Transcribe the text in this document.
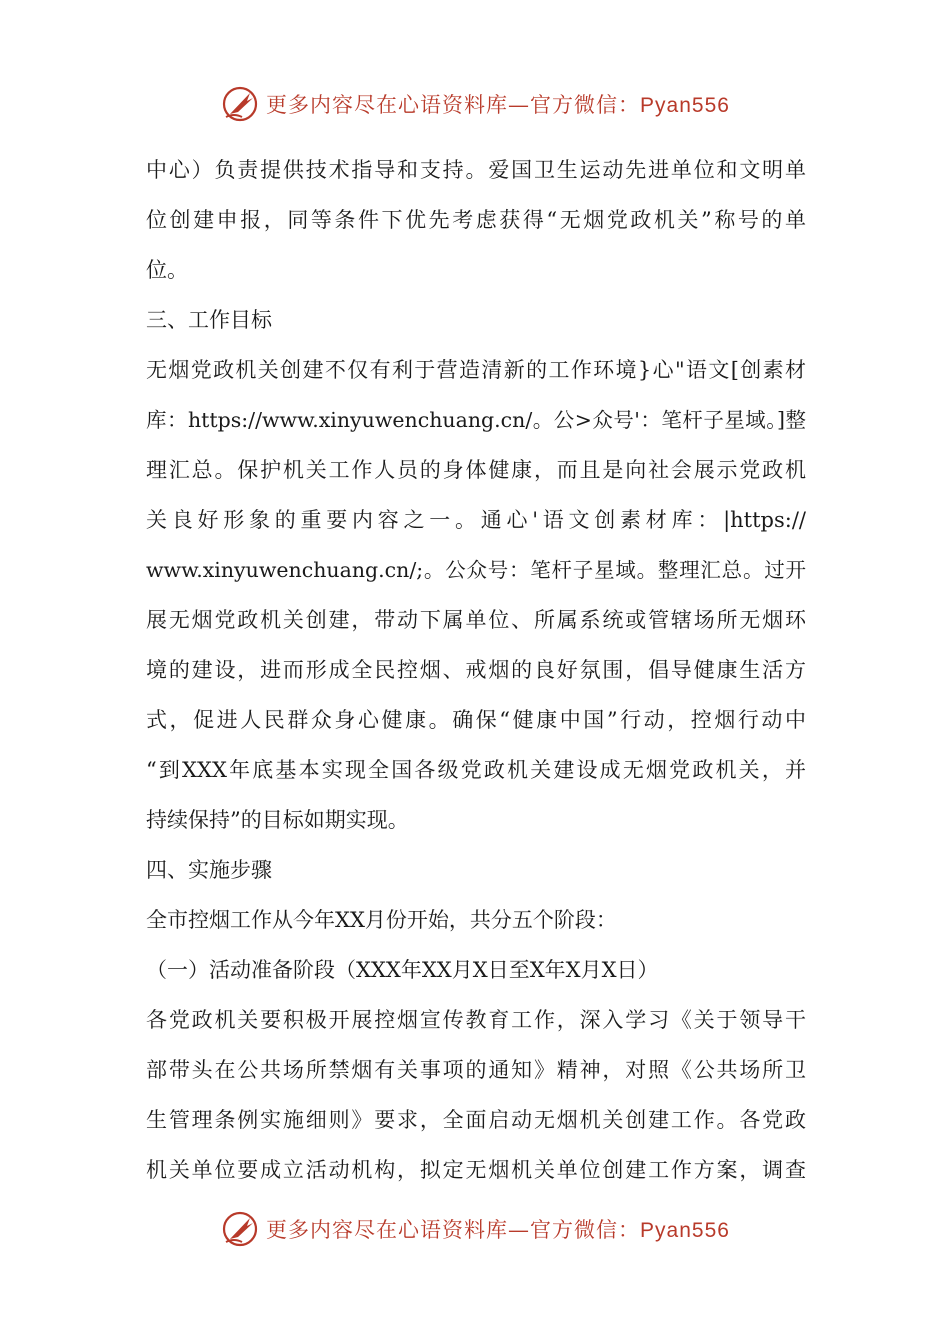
更多内容尽在心语资料库—官方微信：Pyan556
中心）负责提供技术指导和支持。爱国卫生运动先进单位和文明单
位创建申报，同等条件下优先考虑获得“无烟党政机关”称号的单
位。
三、工作目标
无烟党政机关创建不仅有利于营造清新的工作环境}心"语文[创素材
库：https://www.xinyuwenchuang.cn/。公>众号'：笔杆子星域。]整
理汇总。保护机关工作人员的身体健康，而且是向社会展示党政机
关良好形象的重要内容之一。通心'语文创素材库：|https://
www.xinyuwenchuang.cn/;。公众号：笔杆子星域。整理汇总。过开
展无烟党政机关创建，带动下属单位、所属系统或管辖场所无烟环
境的建设，进而形成全民控烟、戒烟的良好氛围，倡导健康生活方
式，促进人民群众身心健康。确保“健康中国”行动，控烟行动中
“到XXX年底基本实现全国各级党政机关建设成无烟党政机关，并
持续保持”的目标如期实现。
四、实施步骤
全市控烟工作从今年XX月份开始，共分五个阶段：
（一）活动准备阶段（XXX年XX月X日至X年X月X日）
各党政机关要积极开展控烟宣传教育工作，深入学习《关于领导干
部带头在公共场所禁烟有关事项的通知》精神，对照《公共场所卫
生管理条例实施细则》要求，全面启动无烟机关创建工作。各党政
机关单位要成立活动机构，拟定无烟机关单位创建工作方案，调查
更多内容尽在心语资料库—官方微信：Pyan556
